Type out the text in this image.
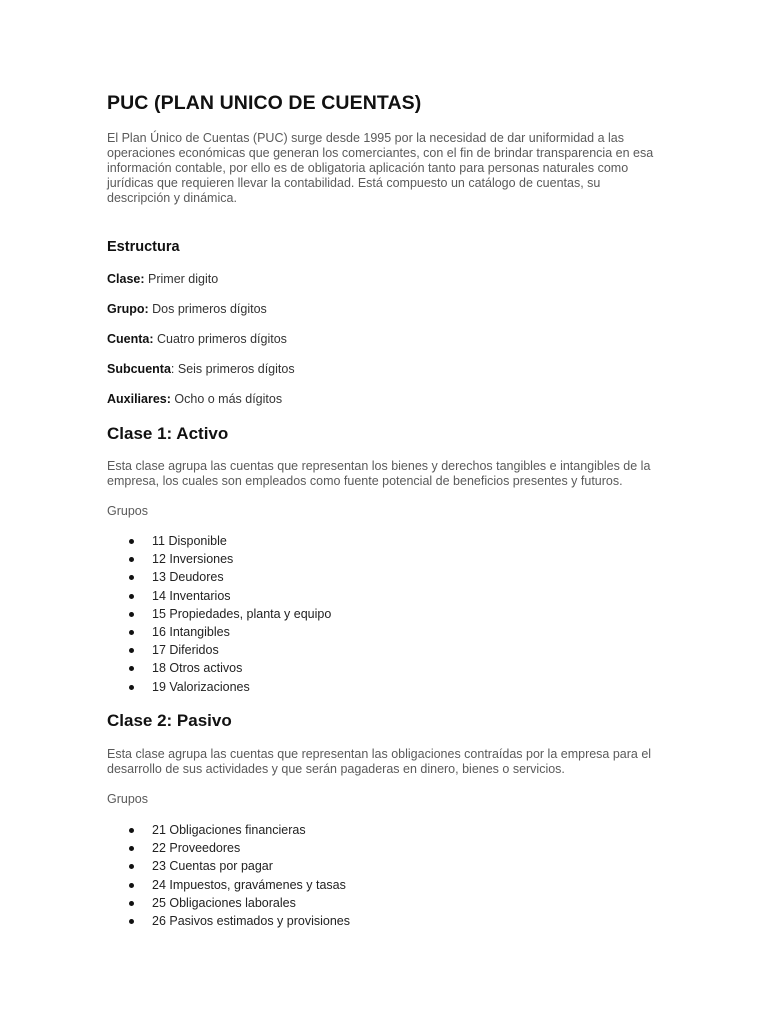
PUC (PLAN UNICO DE CUENTAS)

El Plan Único de Cuentas (PUC) surge desde 1995 por la necesidad de dar uniformidad a las operaciones económicas que generan los comerciantes, con el fin de brindar transparencia en esa información contable, por ello es de obligatoria aplicación tanto para personas naturales como jurídicas que requieren llevar la contabilidad. Está compuesto un catálogo de cuentas, su descripción y dinámica.

Estructura

Clase: Primer digito

Grupo: Dos primeros dígitos

Cuenta: Cuatro primeros dígitos

Subcuenta: Seis primeros dígitos

Auxiliares: Ocho o más dígitos

Clase 1: Activo

Esta clase agrupa las cuentas que representan los bienes y derechos tangibles e intangibles de la empresa, los cuales son empleados como fuente potencial de beneficios presentes y futuros.

Grupos

11 Disponible
12 Inversiones
13 Deudores
14 Inventarios
15 Propiedades, planta y equipo
16 Intangibles
17 Diferidos
18 Otros activos
19 Valorizaciones
Clase 2: Pasivo

Esta clase agrupa las cuentas que representan las obligaciones contraídas por la empresa para el desarrollo de sus actividades y que serán pagaderas en dinero, bienes o servicios.

Grupos

21 Obligaciones financieras
22 Proveedores
23 Cuentas por pagar
24 Impuestos, gravámenes y tasas
25 Obligaciones laborales
26 Pasivos estimados y provisiones
